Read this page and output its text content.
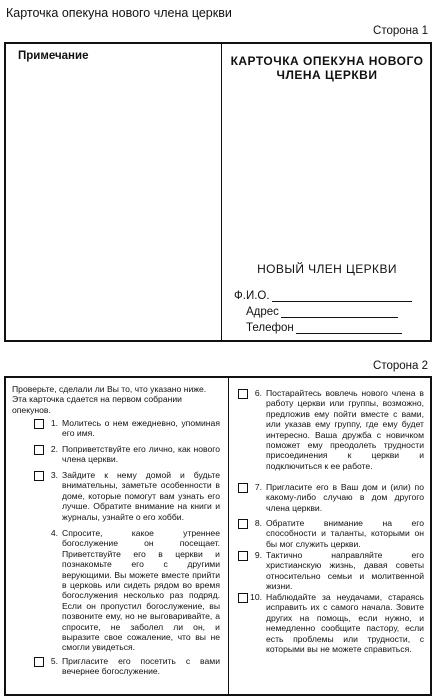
Карточка опекуна нового члена церкви
Сторона 1
Примечание	КАРТОЧКА ОПЕКУНА НОВОГО ЧЛЕНА ЦЕРКВИ
НОВЫЙ ЧЛЕН ЦЕРКВИ
Ф.И.О.
Адрес
Телефон
Сторона 2
Проверьте, сделали ли Вы то, что указано ниже. Эта карточка сдается на первом собрании опекунов.
1. Молитесь о нем ежедневно, упоминая его имя.
2. Поприветствуйте его лично, как нового члена церкви.
3. Зайдите к нему домой и будьте внимательны, заметьте особенности в доме, которые помогут вам узнать его лучше. Обратите внимание на книги и журналы, узнайте о его хобби.
4. Спросите, какое утреннее богослужение он посещает. Приветствуйте его в церкви и познакомьте его с другими верующими. Вы можете вместе прийти в церковь или сидеть рядом во время богослужения несколько раз подряд. Если он пропустил богослужение, вы позвоните ему, но не выговаривайте, а спросите, не заболел ли он, и выразите свое сожаление, что вы не смогли увидеться.
5. Пригласите его посетить с вами вечернее богослужение.
6. Постарайтесь вовлечь нового члена в работу церкви или группы, возможно, предложив ему пойти вместе с вами, или указав ему группу, где ему будет интересно. Ваша дружба с новичком поможет ему преодолеть трудности присоединения к церкви и подключиться к ее работе.
7. Пригласите его в Ваш дом и (или) по какому-либо случаю в дом другого члена церкви.
8. Обратите внимание на его способности и таланты, которыми он бы мог служить церкви.
9. Тактично направляйте его христианскую жизнь, давая советы относительно семьи и молитвенной жизни.
10. Наблюдайте за неудачами, стараясь исправить их с самого начала. Зовите других на помощь, если нужно, и немедленно сообщите пастору, если есть проблемы или трудности, с которыми вы не можете справиться.
